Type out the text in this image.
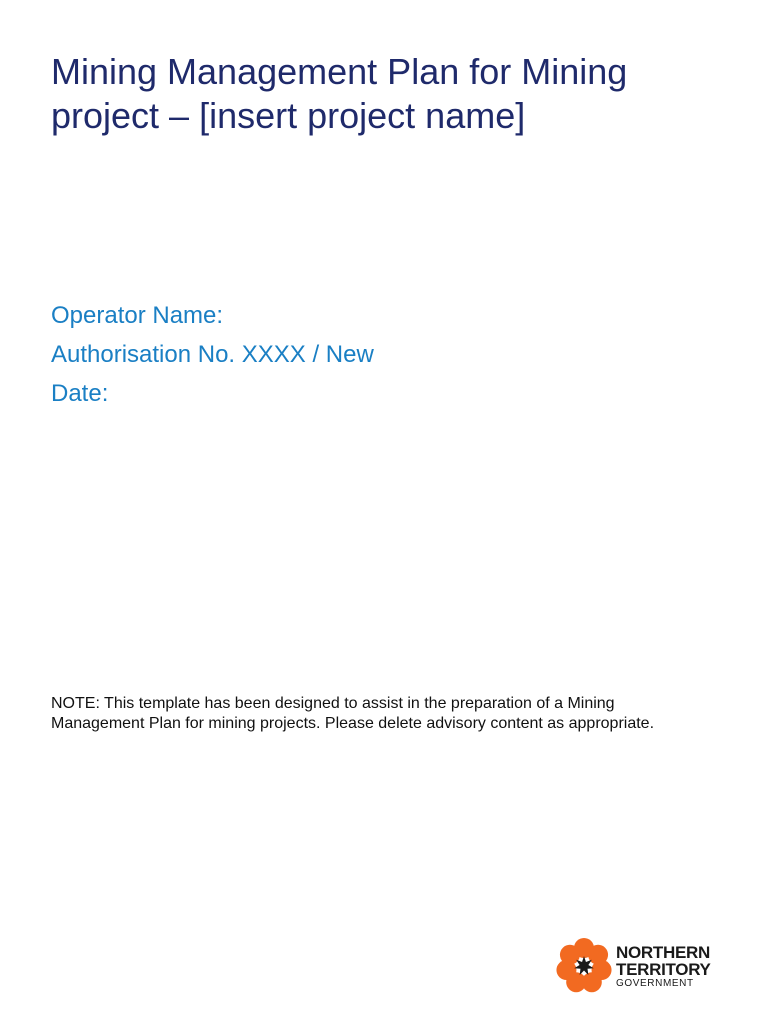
Mining Management Plan for Mining
project – [insert project name]
Operator Name:
Authorisation No. XXXX / New
Date:

NOTE: This template has been designed to assist in the preparation of a Mining
Management Plan for mining projects. Please delete advisory content as appropriate.

NORTHERN
TERRITORY
GOVERNMENT
